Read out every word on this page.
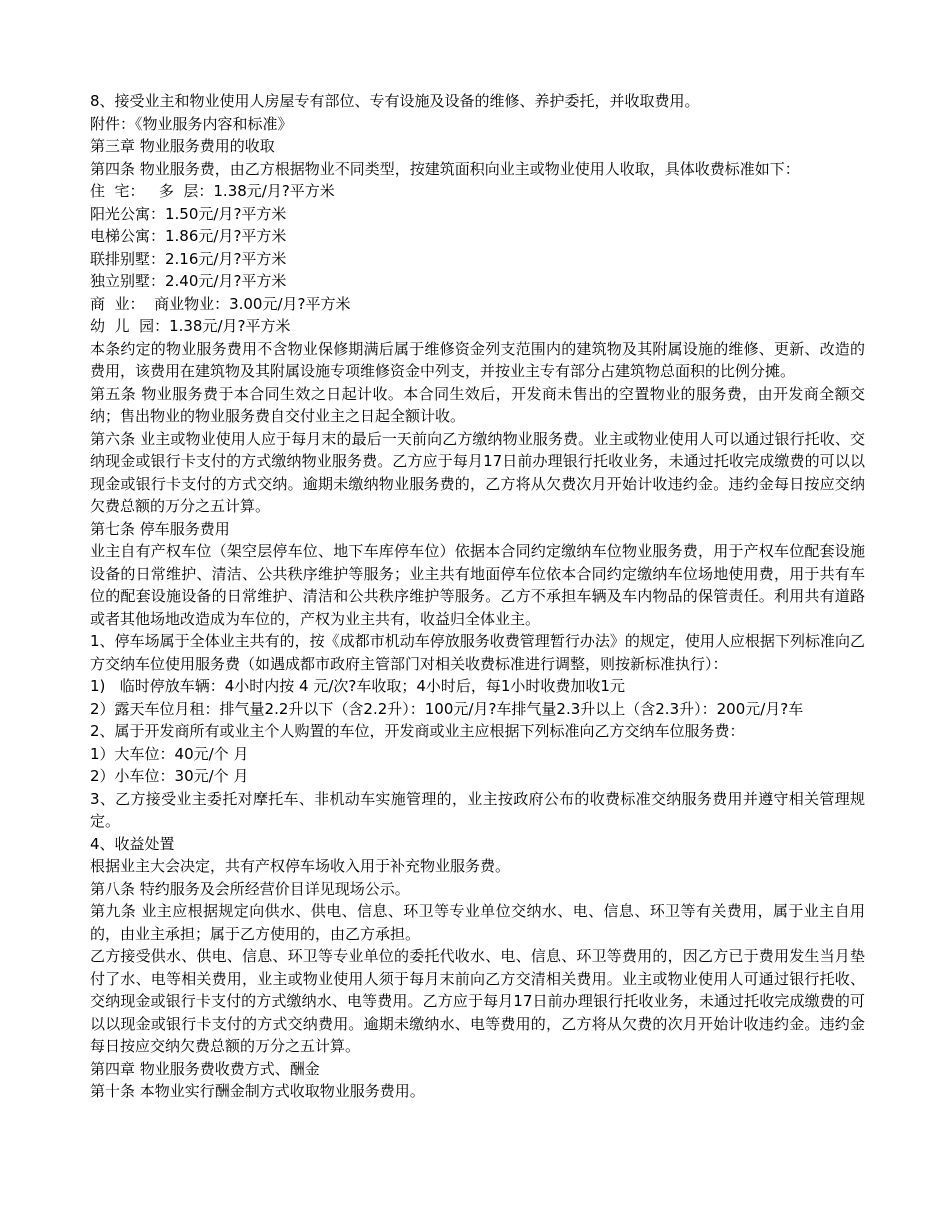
8、接受业主和物业使用人房屋专有部位、专有设施及设备的维修、养护委托，并收取费用。

附件：《物业服务内容和标准》

第三章 物业服务费用的收取

第四条 物业服务费，由乙方根据物业不同类型，按建筑面积向业主或物业使用人收取，具体收费标准如下：

住  宅：   多  层：1.38元/月?平方米

阳光公寓：1.50元/月?平方米

电梯公寓：1.86元/月?平方米

联排别墅：2.16元/月?平方米

独立别墅：2.40元/月?平方米

商  业：  商业物业：3.00元/月?平方米

幼  儿  园：1.38元/月?平方米

本条约定的物业服务费用不含物业保修期满后属于维修资金列支范围内的建筑物及其附属设施的维修、更新、改造的费用，该费用在建筑物及其附属设施专项维修资金中列支，并按业主专有部分占建筑物总面积的比例分摊。

第五条 物业服务费于本合同生效之日起计收。本合同生效后，开发商未售出的空置物业的服务费，由开发商全额交纳；售出物业的物业服务费自交付业主之日起全额计收。

第六条 业主或物业使用人应于每月末的最后一天前向乙方缴纳物业服务费。业主或物业使用人可以通过银行托收、交纳现金或银行卡支付的方式缴纳物业服务费。乙方应于每月17日前办理银行托收业务，未通过托收完成缴费的可以以现金或银行卡支付的方式交纳。逾期未缴纳物业服务费的，乙方将从欠费次月开始计收违约金。违约金每日按应交纳欠费总额的万分之五计算。

第七条 停车服务费用

业主自有产权车位（架空层停车位、地下车库停车位）依据本合同约定缴纳车位物业服务费，用于产权车位配套设施设备的日常维护、清洁、公共秩序维护等服务；业主共有地面停车位依本合同约定缴纳车位场地使用费，用于共有车位的配套设施设备的日常维护、清洁和公共秩序维护等服务。乙方不承担车辆及车内物品的保管责任。利用共有道路或者其他场地改造成为车位的，产权为业主共有，收益归全体业主。

1、停车场属于全体业主共有的，按《成都市机动车停放服务收费管理暂行办法》的规定，使用人应根据下列标准向乙方交纳车位使用服务费（如遇成都市政府主管部门对相关收费标准进行调整，则按新标准执行）：

1)   临时停放车辆：4小时内按 4 元/次?车收取；4小时后，每1小时收费加收1元

2）露天车位月租：排气量2.2升以下（含2.2升）：100元/月?车排气量2.3升以上（含2.3升）：200元/月?车

2、属于开发商所有或业主个人购置的车位，开发商或业主应根据下列标准向乙方交纳车位服务费：

1）大车位：40元/个 月

2）小车位：30元/个 月

3、乙方接受业主委托对摩托车、非机动车实施管理的，业主按政府公布的收费标准交纳服务费用并遵守相关管理规定。

4、收益处置

根据业主大会决定，共有产权停车场收入用于补充物业服务费。

第八条 特约服务及会所经营价目详见现场公示。

第九条 业主应根据规定向供水、供电、信息、环卫等专业单位交纳水、电、信息、环卫等有关费用，属于业主自用的，由业主承担；属于乙方使用的，由乙方承担。

乙方接受供水、供电、信息、环卫等专业单位的委托代收水、电、信息、环卫等费用的，因乙方已于费用发生当月垫付了水、电等相关费用，业主或物业使用人须于每月末前向乙方交清相关费用。业主或物业使用人可通过银行托收、交纳现金或银行卡支付的方式缴纳水、电等费用。乙方应于每月17日前办理银行托收业务，未通过托收完成缴费的可以以现金或银行卡支付的方式交纳费用。逾期未缴纳水、电等费用的，乙方将从欠费的次月开始计收违约金。违约金每日按应交纳欠费总额的万分之五计算。

第四章 物业服务费收费方式、酬金

第十条 本物业实行酬金制方式收取物业服务费用。
